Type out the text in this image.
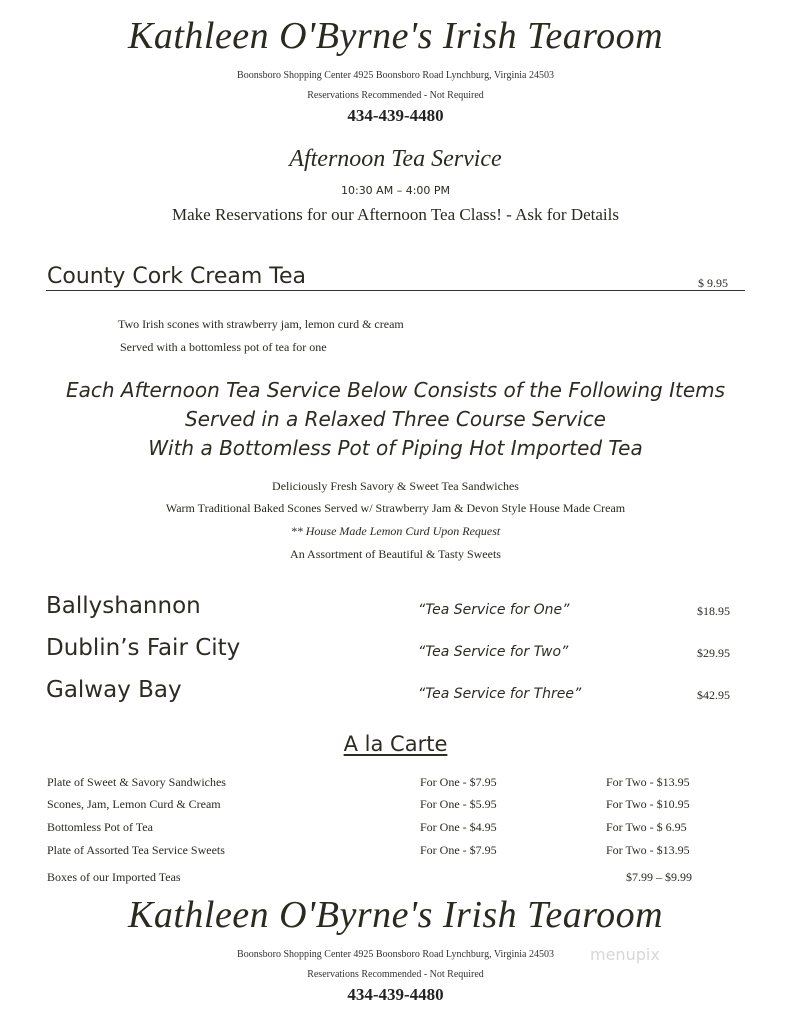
Kathleen O'Byrne's Irish Tearoom
Boonsboro Shopping Center 4925 Boonsboro Road Lynchburg, Virginia 24503
Reservations Recommended - Not Required
434-439-4480
Afternoon Tea Service
10:30 AM – 4:00 PM
Make Reservations for our Afternoon Tea Class! - Ask for Details
County Cork Cream Tea	$ 9.95
Two Irish scones with strawberry jam, lemon curd & cream
Served with a bottomless pot of tea for one
Each Afternoon Tea Service Below Consists of the Following Items
Served in a Relaxed Three Course Service
With a Bottomless Pot of Piping Hot Imported Tea
Deliciously Fresh Savory & Sweet Tea Sandwiches
Warm Traditional Baked Scones Served w/ Strawberry Jam & Devon Style House Made Cream
** House Made Lemon Curd Upon Request
An Assortment of Beautiful & Tasty Sweets
Ballyshannon	“Tea Service for One”	$18.95
Dublin’s Fair City	“Tea Service for Two”	$29.95
Galway Bay	“Tea Service for Three”	$42.95
A la Carte
Plate of Sweet & Savory Sandwiches	For One - $7.95	For Two - $13.95
Scones, Jam, Lemon Curd & Cream	For One - $5.95	For Two - $10.95
Bottomless Pot of Tea	For One - $4.95	For Two - $ 6.95
Plate of Assorted Tea Service Sweets	For One - $7.95	For Two - $13.95
Boxes of our Imported Teas	$7.99 – $9.99
Kathleen O'Byrne's Irish Tearoom
Boonsboro Shopping Center 4925 Boonsboro Road Lynchburg, Virginia 24503
Reservations Recommended - Not Required
434-439-4480
menupix
